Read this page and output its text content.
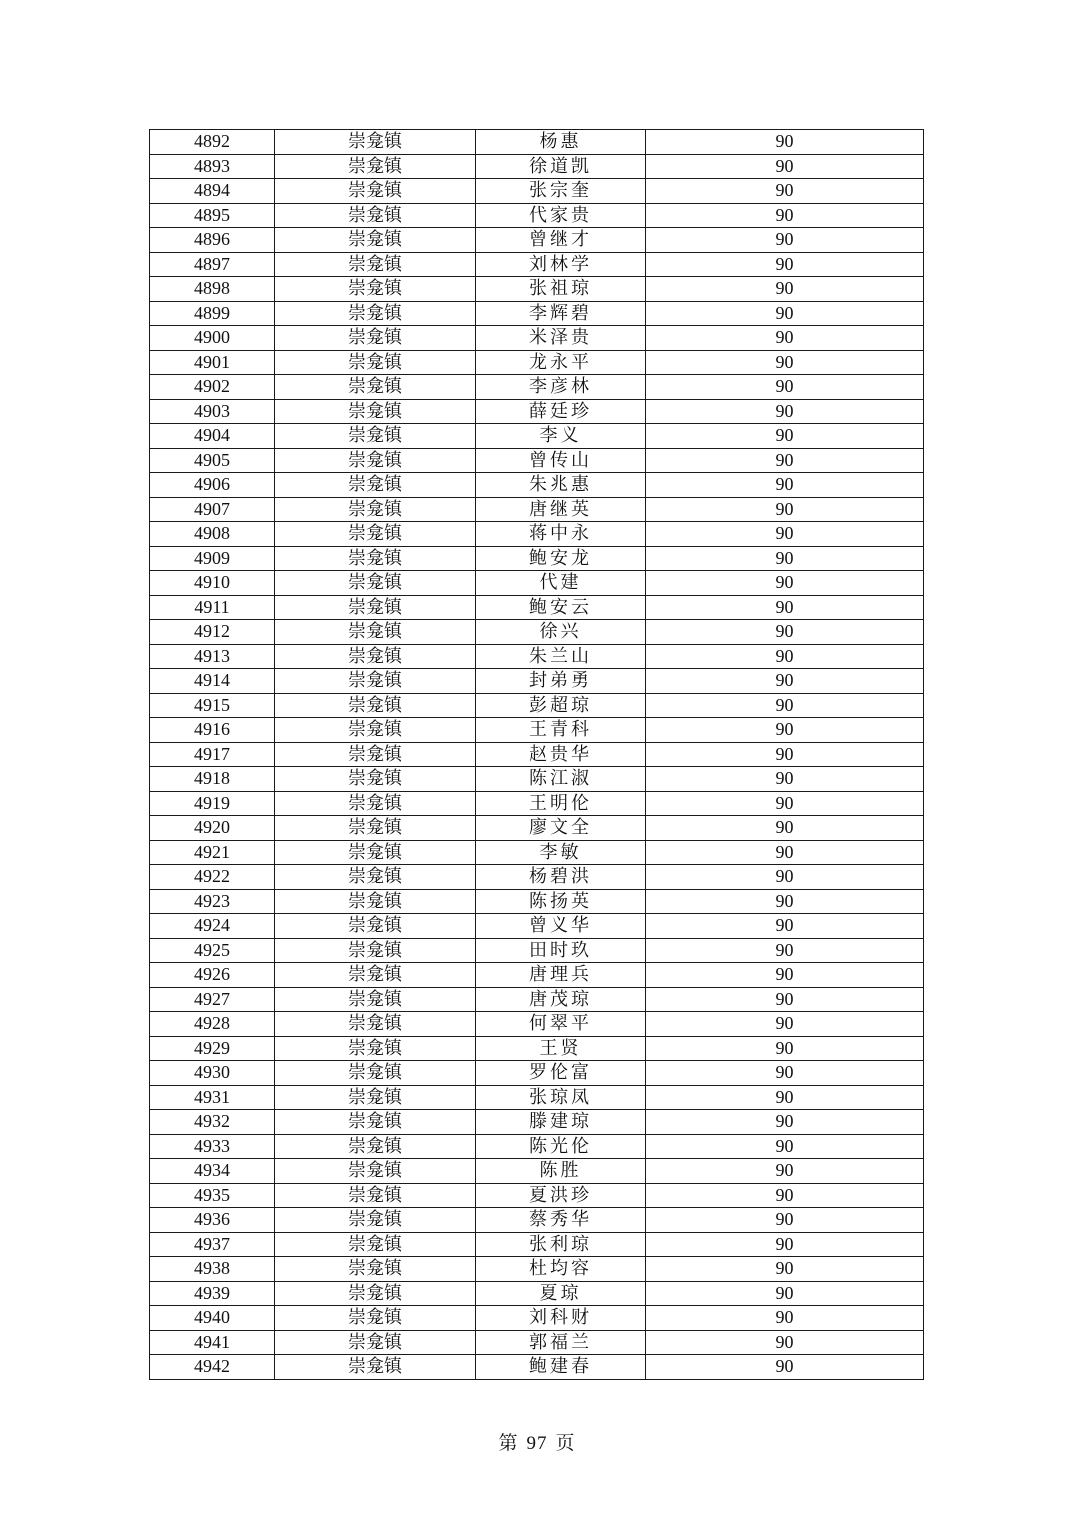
4892	崇龛镇	杨惠	90
4893	崇龛镇	徐道凯	90
4894	崇龛镇	张宗奎	90
4895	崇龛镇	代家贵	90
4896	崇龛镇	曾继才	90
4897	崇龛镇	刘林学	90
4898	崇龛镇	张祖琼	90
4899	崇龛镇	李辉碧	90
4900	崇龛镇	米泽贵	90
4901	崇龛镇	龙永平	90
4902	崇龛镇	李彦林	90
4903	崇龛镇	薛廷珍	90
4904	崇龛镇	李义	90
4905	崇龛镇	曾传山	90
4906	崇龛镇	朱兆惠	90
4907	崇龛镇	唐继英	90
4908	崇龛镇	蒋中永	90
4909	崇龛镇	鲍安龙	90
4910	崇龛镇	代建	90
4911	崇龛镇	鲍安云	90
4912	崇龛镇	徐兴	90
4913	崇龛镇	朱兰山	90
4914	崇龛镇	封弟勇	90
4915	崇龛镇	彭超琼	90
4916	崇龛镇	王青科	90
4917	崇龛镇	赵贵华	90
4918	崇龛镇	陈江淑	90
4919	崇龛镇	王明伦	90
4920	崇龛镇	廖文全	90
4921	崇龛镇	李敏	90
4922	崇龛镇	杨碧洪	90
4923	崇龛镇	陈扬英	90
4924	崇龛镇	曾义华	90
4925	崇龛镇	田时玖	90
4926	崇龛镇	唐理兵	90
4927	崇龛镇	唐茂琼	90
4928	崇龛镇	何翠平	90
4929	崇龛镇	王贤	90
4930	崇龛镇	罗伦富	90
4931	崇龛镇	张琼凤	90
4932	崇龛镇	滕建琼	90
4933	崇龛镇	陈光伦	90
4934	崇龛镇	陈胜	90
4935	崇龛镇	夏洪珍	90
4936	崇龛镇	蔡秀华	90
4937	崇龛镇	张利琼	90
4938	崇龛镇	杜均容	90
4939	崇龛镇	夏琼	90
4940	崇龛镇	刘科财	90
4941	崇龛镇	郭福兰	90
4942	崇龛镇	鲍建春	90
第 97 页
